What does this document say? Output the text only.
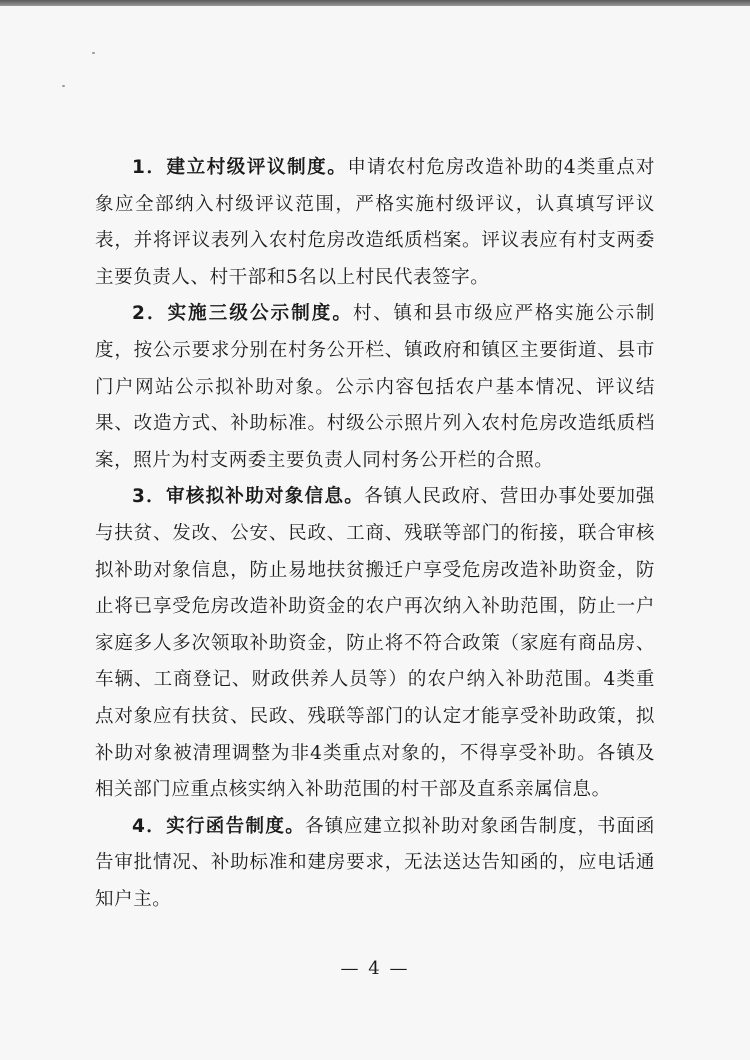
1．建立村级评议制度。申请农村危房改造补助的4类重点对象应全部纳入村级评议范围，严格实施村级评议，认真填写评议表，并将评议表列入农村危房改造纸质档案。评议表应有村支两委主要负责人、村干部和5名以上村民代表签字。

2．实施三级公示制度。村、镇和县市级应严格实施公示制度，按公示要求分别在村务公开栏、镇政府和镇区主要街道、县市门户网站公示拟补助对象。公示内容包括农户基本情况、评议结果、改造方式、补助标准。村级公示照片列入农村危房改造纸质档案，照片为村支两委主要负责人同村务公开栏的合照。

3．审核拟补助对象信息。各镇人民政府、营田办事处要加强与扶贫、发改、公安、民政、工商、残联等部门的衔接，联合审核拟补助对象信息，防止易地扶贫搬迁户享受危房改造补助资金，防止将已享受危房改造补助资金的农户再次纳入补助范围，防止一户家庭多人多次领取补助资金，防止将不符合政策（家庭有商品房、车辆、工商登记、财政供养人员等）的农户纳入补助范围。4类重点对象应有扶贫、民政、残联等部门的认定才能享受补助政策，拟补助对象被清理调整为非4类重点对象的，不得享受补助。各镇及相关部门应重点核实纳入补助范围的村干部及直系亲属信息。

4．实行函告制度。各镇应建立拟补助对象函告制度，书面函告审批情况、补助标准和建房要求，无法送达告知函的，应电话通知户主。

— 4 —
